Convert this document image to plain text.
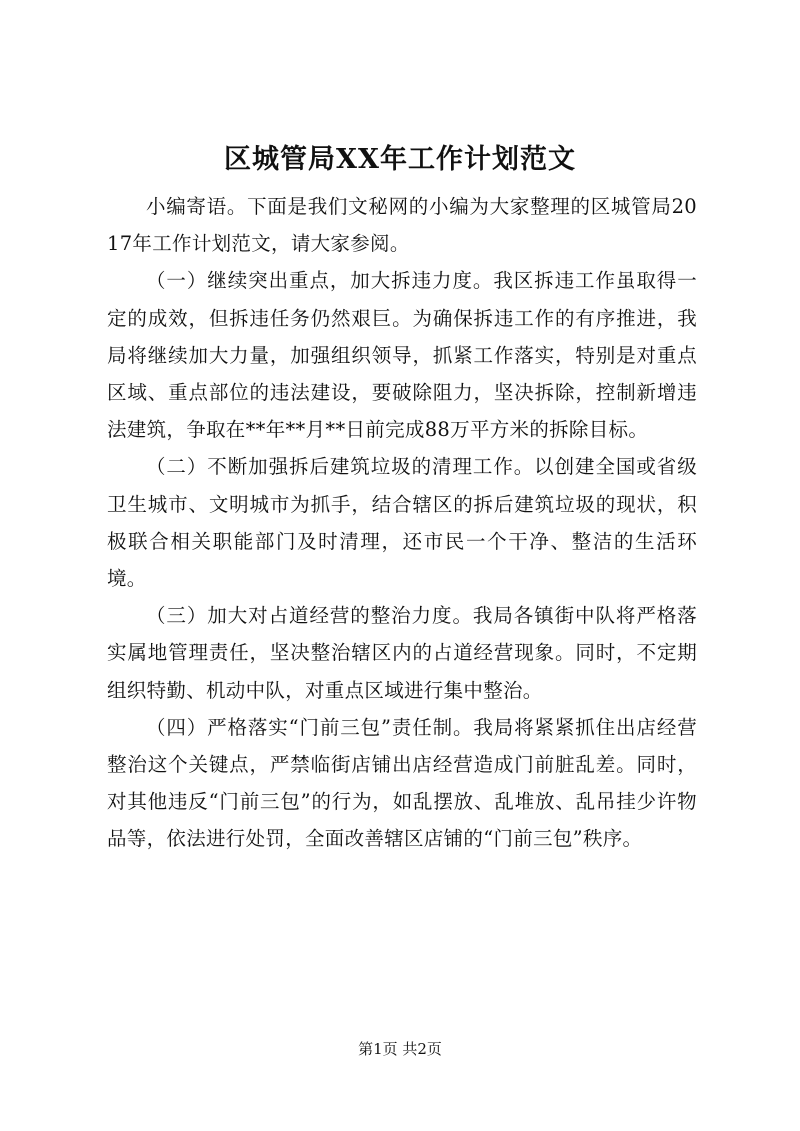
区城管局XX年工作计划范文

小编寄语。下面是我们文秘网的小编为大家整理的区城管局2017年工作计划范文，请大家参阅。

（一）继续突出重点，加大拆违力度。我区拆违工作虽取得一定的成效，但拆违任务仍然艰巨。为确保拆违工作的有序推进，我局将继续加大力量，加强组织领导，抓紧工作落实，特别是对重点区域、重点部位的违法建设，要破除阻力，坚决拆除，控制新增违法建筑，争取在**年**月**日前完成88万平方米的拆除目标。

（二）不断加强拆后建筑垃圾的清理工作。以创建全国或省级卫生城市、文明城市为抓手，结合辖区的拆后建筑垃圾的现状，积极联合相关职能部门及时清理，还市民一个干净、整洁的生活环境。

（三）加大对占道经营的整治力度。我局各镇街中队将严格落实属地管理责任，坚决整治辖区内的占道经营现象。同时，不定期组织特勤、机动中队，对重点区域进行集中整治。

（四）严格落实“门前三包”责任制。我局将紧紧抓住出店经营整治这个关键点，严禁临街店铺出店经营造成门前脏乱差。同时，对其他违反“门前三包”的行为，如乱摆放、乱堆放、乱吊挂少许物品等，依法进行处罚，全面改善辖区店铺的“门前三包”秩序。

第1页 共2页
